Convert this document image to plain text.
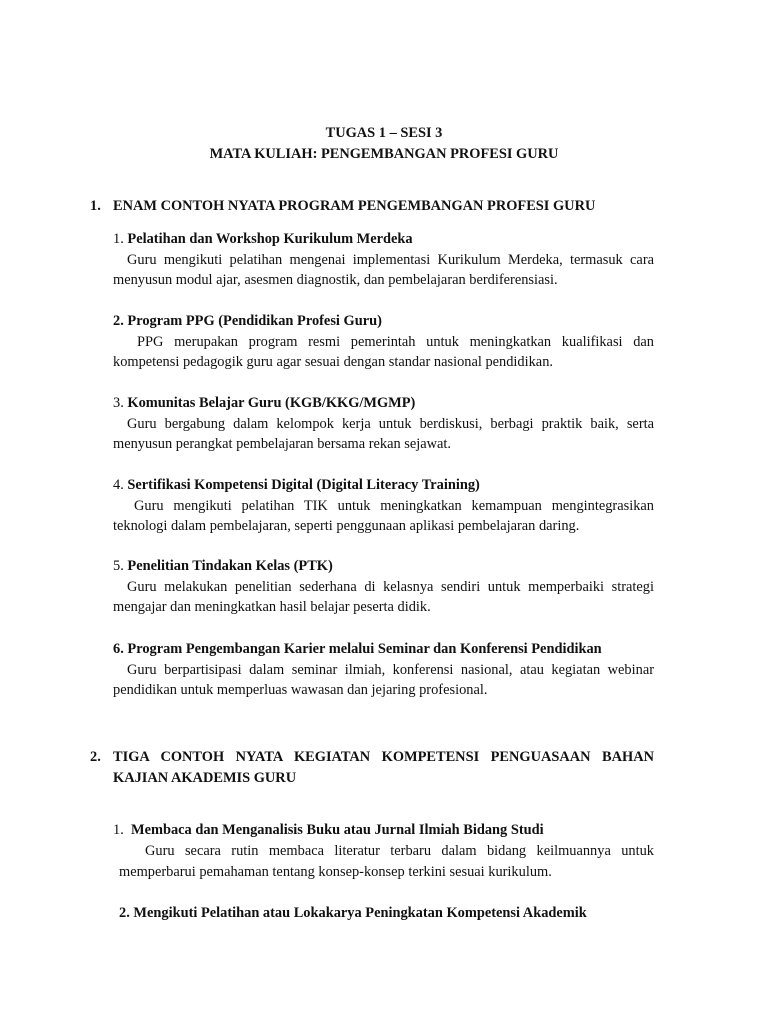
TUGAS 1 – SESI 3
MATA KULIAH: PENGEMBANGAN PROFESI GURU
1. ENAM CONTOH NYATA PROGRAM PENGEMBANGAN PROFESI GURU
1. Pelatihan dan Workshop Kurikulum Merdeka
Guru mengikuti pelatihan mengenai implementasi Kurikulum Merdeka, termasuk cara menyusun modul ajar, asesmen diagnostik, dan pembelajaran berdiferensiasi.
2. Program PPG (Pendidikan Profesi Guru)
PPG merupakan program resmi pemerintah untuk meningkatkan kualifikasi dan kompetensi pedagogik guru agar sesuai dengan standar nasional pendidikan.
3. Komunitas Belajar Guru (KGB/KKG/MGMP)
Guru bergabung dalam kelompok kerja untuk berdiskusi, berbagi praktik baik, serta menyusun perangkat pembelajaran bersama rekan sejawat.
4. Sertifikasi Kompetensi Digital (Digital Literacy Training)
Guru mengikuti pelatihan TIK untuk meningkatkan kemampuan mengintegrasikan teknologi dalam pembelajaran, seperti penggunaan aplikasi pembelajaran daring.
5. Penelitian Tindakan Kelas (PTK)
Guru melakukan penelitian sederhana di kelasnya sendiri untuk memperbaiki strategi mengajar dan meningkatkan hasil belajar peserta didik.
6. Program Pengembangan Karier melalui Seminar dan Konferensi Pendidikan
Guru berpartisipasi dalam seminar ilmiah, konferensi nasional, atau kegiatan webinar pendidikan untuk memperluas wawasan dan jejaring profesional.
2. TIGA CONTOH NYATA KEGIATAN KOMPETENSI PENGUASAAN BAHAN
KAJIAN AKADEMIS GURU
1. Membaca dan Menganalisis Buku atau Jurnal Ilmiah Bidang Studi
Guru secara rutin membaca literatur terbaru dalam bidang keilmuannya untuk memperbarui pemahaman tentang konsep-konsep terkini sesuai kurikulum.
2. Mengikuti Pelatihan atau Lokakarya Peningkatan Kompetensi Akademik
